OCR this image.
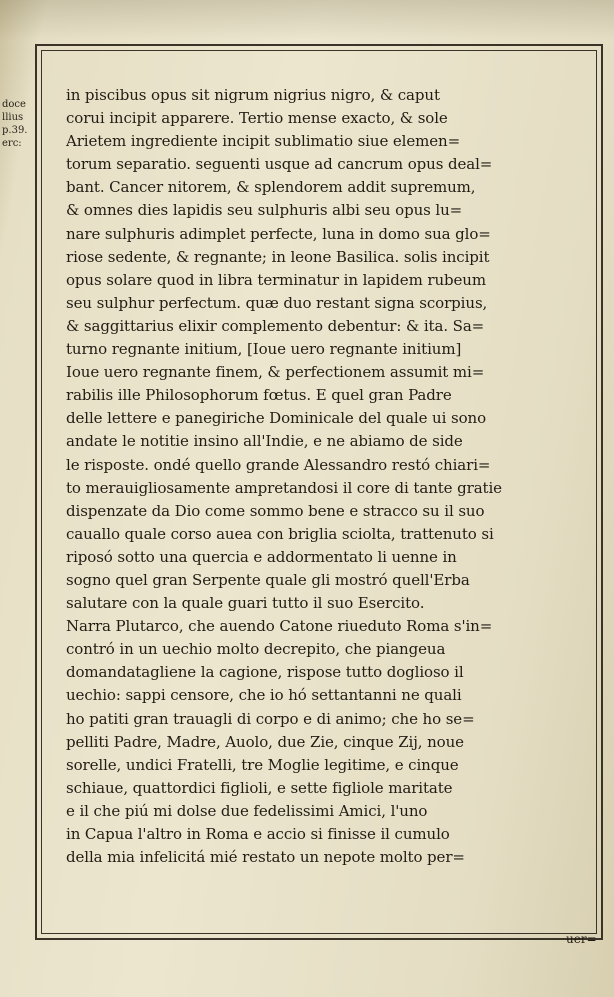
doce
llius
p.39.
erc:
in piscibus opus sit nigrum nigrius nigro, & caput
corui incipit apparere. Tertio mense exacto, & sole
Arietem ingrediente incipit sublimatio siue elemen=
torum separatio. seguenti usque ad cancrum opus deal=
bant. Cancer nitorem, & splendorem addit supremum,
& omnes dies lapidis seu sulphuris albi seu opus lu=
nare sulphuris adimplet perfecte, luna in domo sua glo=
riose sedente, & regnante; in leone Basilica. solis incipit
opus solare quod in libra terminatur in lapidem rubeum
seu sulphur perfectum. quæ duo restant signa scorpius,
& saggittarius elixir complemento debentur: & ita. Sa=
turno regnante initium, [Ioue uero regnante initium]
Ioue uero regnante finem, & perfectionem assumit mi=
rabilis ille Philosophorum fœtus. E quel gran Padre
delle lettere e panegiriche Dominicale del quale ui sono
andate le notitie insino all'Indie, e ne abiamo de side
le risposte. ondé quello grande Alessandro restó chiari=
to merauigliosamente ampretandosi il core di tante gratie
dispenzate da Dio come sommo bene e stracco su il suo
cauallo quale corso auea con briglia sciolta, trattenuto si
riposó sotto una quercia e addormentato li uenne in
sogno quel gran Serpente quale gli mostró quell'Erba
salutare con la quale guari tutto il suo Esercito.
Narra Plutarco, che auendo Catone riueduto Roma s'in=
contró in un uechio molto decrepito, che piangeua
domandatagliene la cagione, rispose tutto doglioso il
uechio: sappi censore, che io hó settantanni ne quali
ho patiti gran trauagli di corpo e di animo; che ho se=
pelliti Padre, Madre, Auolo, due Zie, cinque Zij, noue
sorelle, undici Fratelli, tre Moglie legitime, e cinque
schiaue, quattordici figlioli, e sette figliole maritate
e il che piú mi dolse due fedelissimi Amici, l'uno
in Capua l'altro in Roma e accio si finisse il cumulo
della mia infelicitá mié restato un nepote molto per=
uer=
